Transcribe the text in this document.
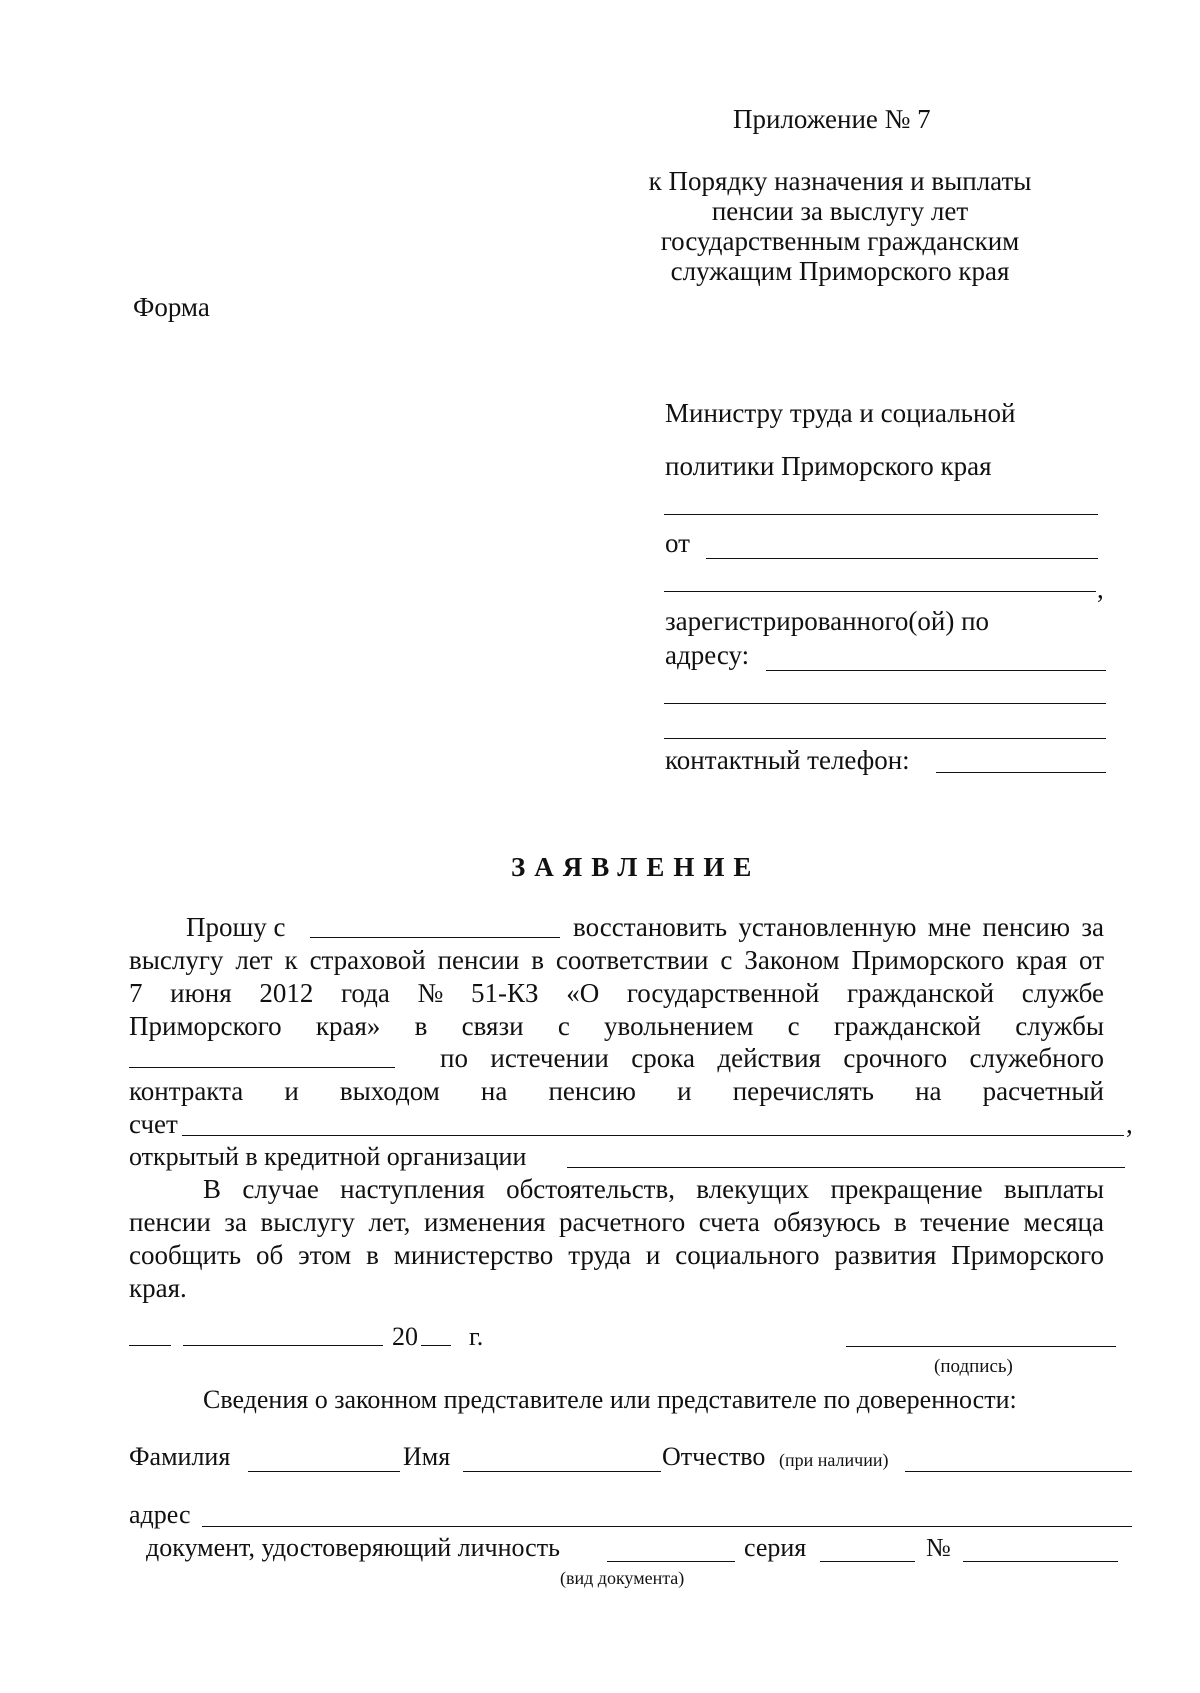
Приложение № 7
к Порядку назначения и выплаты
пенсии за выслугу лет
государственным гражданским
служащим Приморского края
Форма
Министру труда и социальной
политики Приморского края
от
,
зарегистрированного(ой) по
адресу:
контактный телефон:
ЗАЯВЛЕНИЕ
Прошу с	восстановить установленную мне пенсию за
выслугу лет к страховой пенсии в соответствии с Законом Приморского края от
7 июня 2012 года № 51-КЗ «О государственной гражданской службе
Приморского края» в связи с увольнением с гражданской службы
по истечении срока действия срочного служебного
контракта и выходом на пенсию и перечислять на расчетный
счет	,
открытый в кредитной организации
В случае наступления обстоятельств, влекущих прекращение выплаты
пенсии за выслугу лет, изменения расчетного счета обязуюсь в течение месяца
сообщить об этом в министерство труда и социального развития Приморского
края.
20 г.
(подпись)
Сведения о законном представителе или представителе по доверенности:
Фамилия	Имя	Отчество (при наличии)
адрес
документ, удостоверяющий личность	серия	№
(вид документа)
